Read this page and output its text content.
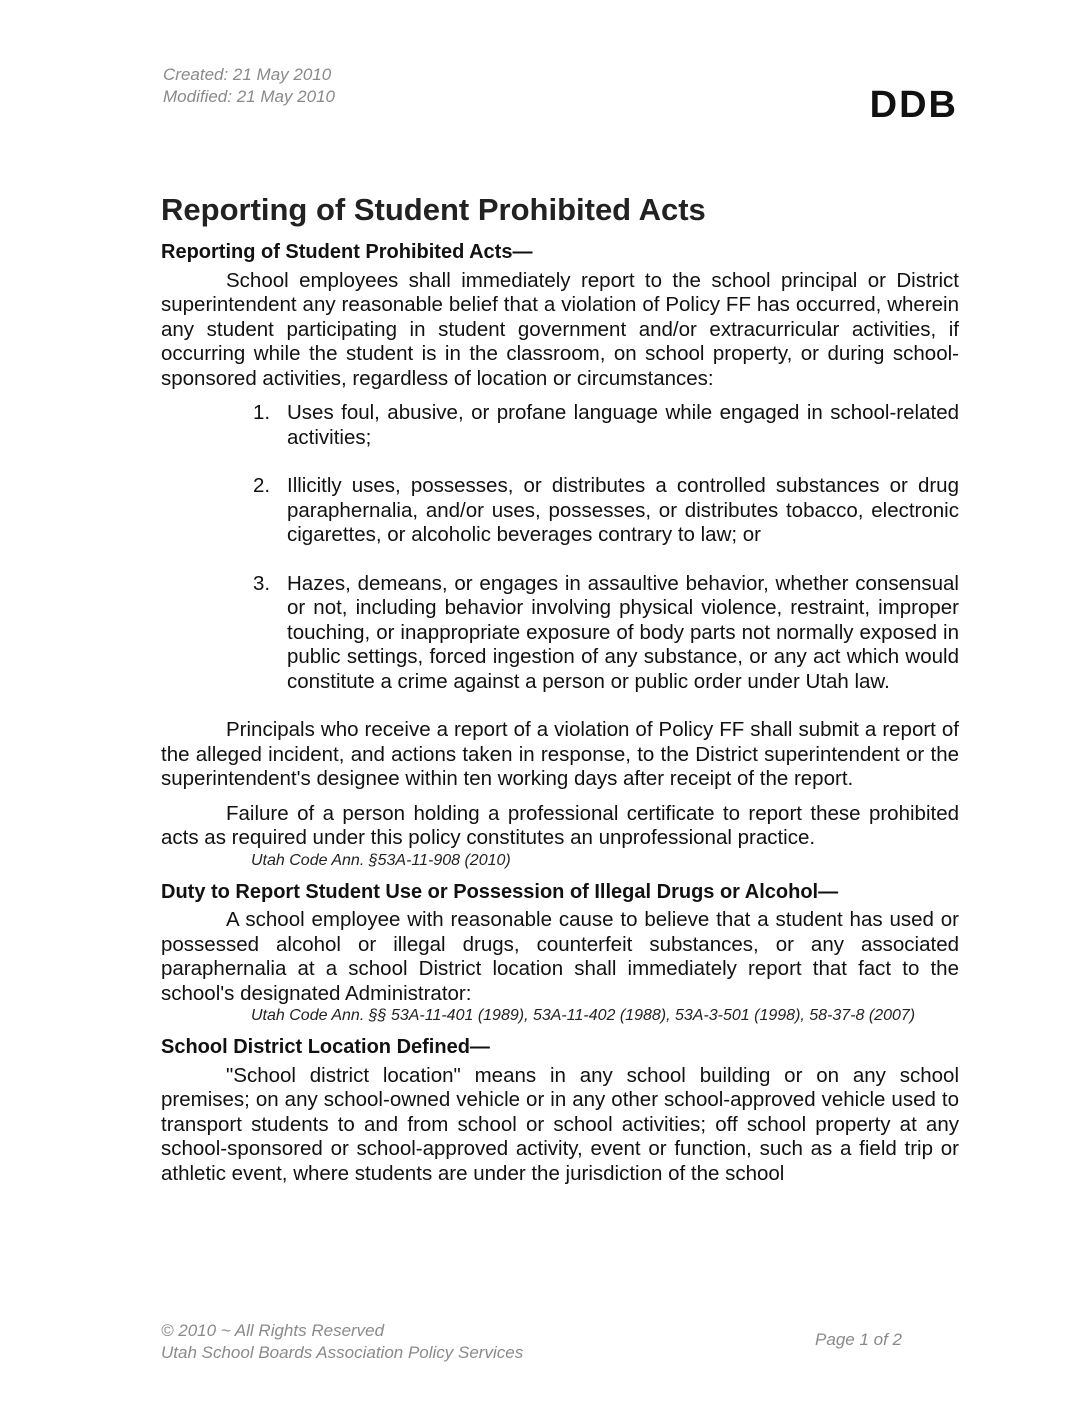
Created: 21 May 2010
Modified: 21 May 2010	DDB
Reporting of Student Prohibited Acts
Reporting of Student Prohibited Acts—

School employees shall immediately report to the school principal or District superintendent any reasonable belief that a violation of Policy FF has occurred, wherein any student participating in student government and/or extracurricular activities, if occurring while the student is in the classroom, on school property, or during school-sponsored activities, regardless of location or circumstances:

1. Uses foul, abusive, or profane language while engaged in school-related activities;
2. Illicitly uses, possesses, or distributes a controlled substances or drug paraphernalia, and/or uses, possesses, or distributes tobacco, electronic cigarettes, or alcoholic beverages contrary to law; or
3. Hazes, demeans, or engages in assaultive behavior, whether consensual or not, including behavior involving physical violence, restraint, improper touching, or inappropriate exposure of body parts not normally exposed in public settings, forced ingestion of any substance, or any act which would constitute a crime against a person or public order under Utah law.

Principals who receive a report of a violation of Policy FF shall submit a report of the alleged incident, and actions taken in response, to the District superintendent or the superintendent's designee within ten working days after receipt of the report.

Failure of a person holding a professional certificate to report these prohibited acts as required under this policy constitutes an unprofessional practice.

Utah Code Ann. §53A-11-908 (2010)
Duty to Report Student Use or Possession of Illegal Drugs or Alcohol—

A school employee with reasonable cause to believe that a student has used or possessed alcohol or illegal drugs, counterfeit substances, or any associated paraphernalia at a school District location shall immediately report that fact to the school's designated Administrator:

Utah Code Ann. §§ 53A-11-401 (1989), 53A-11-402 (1988), 53A-3-501 (1998), 58-37-8 (2007)
School District Location Defined—

"School district location" means in any school building or on any school premises; on any school-owned vehicle or in any other school-approved vehicle used to transport students to and from school or school activities; off school property at any school-sponsored or school-approved activity, event or function, such as a field trip or athletic event, where students are under the jurisdiction of the school

© 2010 ~ All Rights Reserved
Utah School Boards Association Policy Services
Page 1 of 2
